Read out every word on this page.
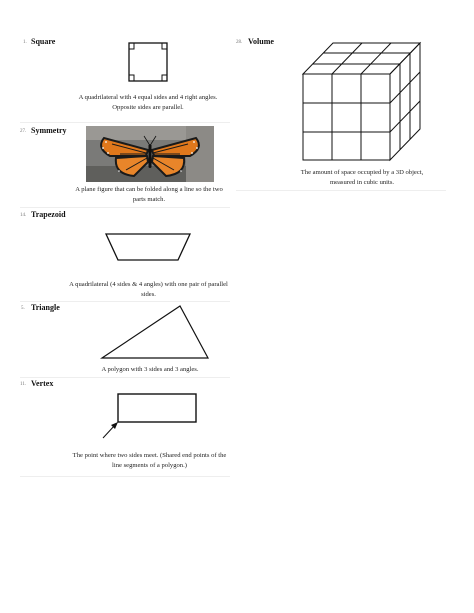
1. Square
A quadrilateral with 4 equal sides and 4 right angles.
Opposite sides are parallel.
27. Symmetry
A plane figure that can be folded along a line so the two parts match.
14. Trapezoid
A quadrilateral (4 sides & 4 angles) with one pair of parallel sides.
5. Triangle
A polygon with 3 sides and 3 angles.
11. Vertex
The point where two sides meet. (Shared end points of the line segments of a polygon.)
28. Volume
The amount of space occupied by a 3D object, measured in cubic units.
